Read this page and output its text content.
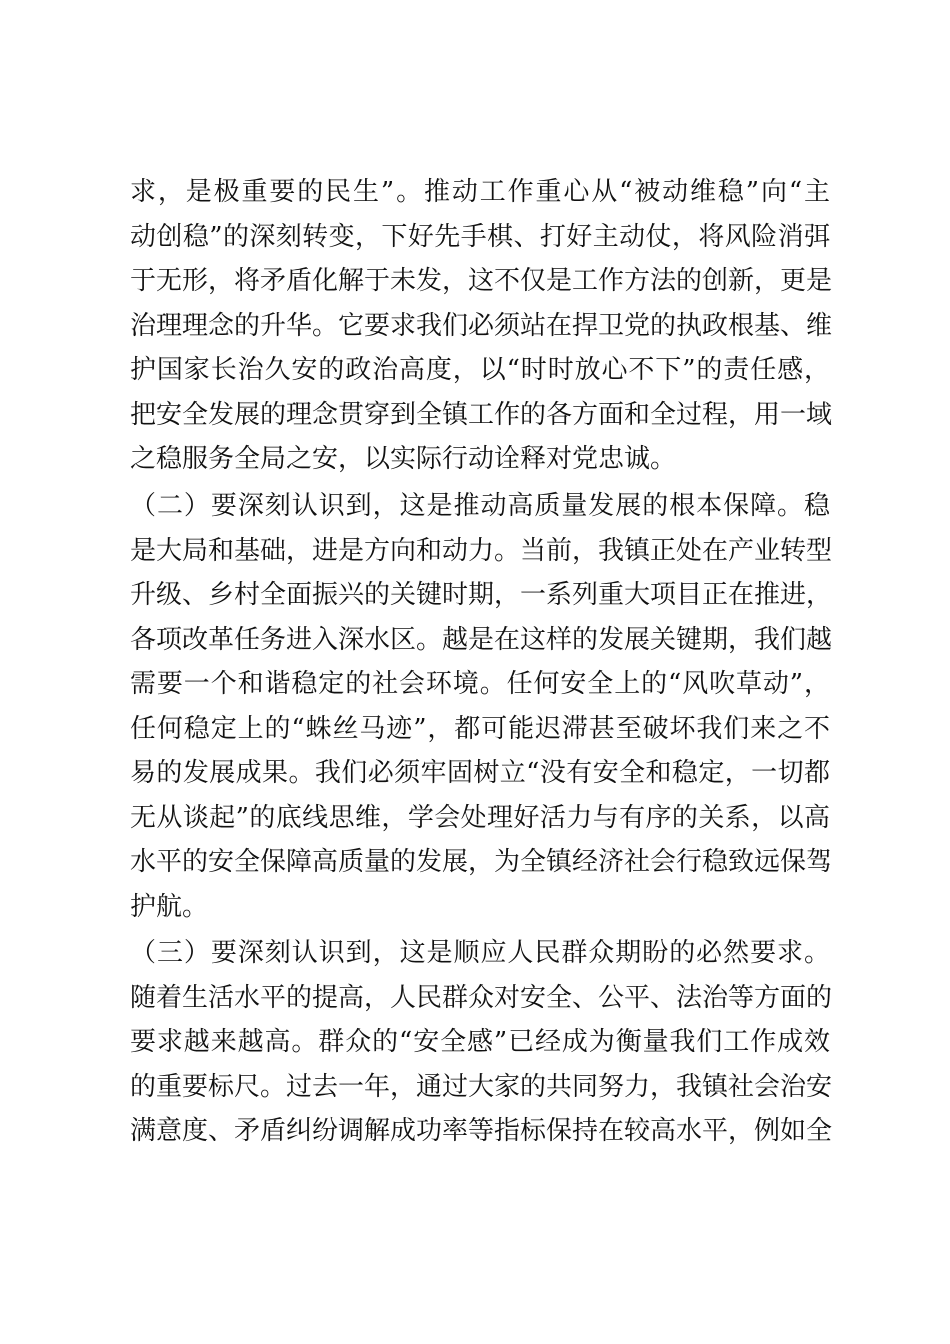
求，是极重要的民生”。推动工作重心从“被动维稳”向“主
动创稳”的深刻转变，下好先手棋、打好主动仗，将风险消弭
于无形，将矛盾化解于未发，这不仅是工作方法的创新，更是
治理理念的升华。它要求我们必须站在捍卫党的执政根基、维
护国家长治久安的政治高度，以“时时放心不下”的责任感，
把安全发展的理念贯穿到全镇工作的各方面和全过程，用一域
之稳服务全局之安，以实际行动诠释对党忠诚。
（二）要深刻认识到，这是推动高质量发展的根本保障。稳
是大局和基础，进是方向和动力。当前，我镇正处在产业转型
升级、乡村全面振兴的关键时期，一系列重大项目正在推进，
各项改革任务进入深水区。越是在这样的发展关键期，我们越
需要一个和谐稳定的社会环境。任何安全上的“风吹草动”，
任何稳定上的“蛛丝马迹”，都可能迟滞甚至破坏我们来之不
易的发展成果。我们必须牢固树立“没有安全和稳定，一切都
无从谈起”的底线思维，学会处理好活力与有序的关系，以高
水平的安全保障高质量的发展，为全镇经济社会行稳致远保驾
护航。
（三）要深刻认识到，这是顺应人民群众期盼的必然要求。
随着生活水平的提高，人民群众对安全、公平、法治等方面的
要求越来越高。群众的“安全感”已经成为衡量我们工作成效
的重要标尺。过去一年，通过大家的共同努力，我镇社会治安
满意度、矛盾纠纷调解成功率等指标保持在较高水平，例如全
